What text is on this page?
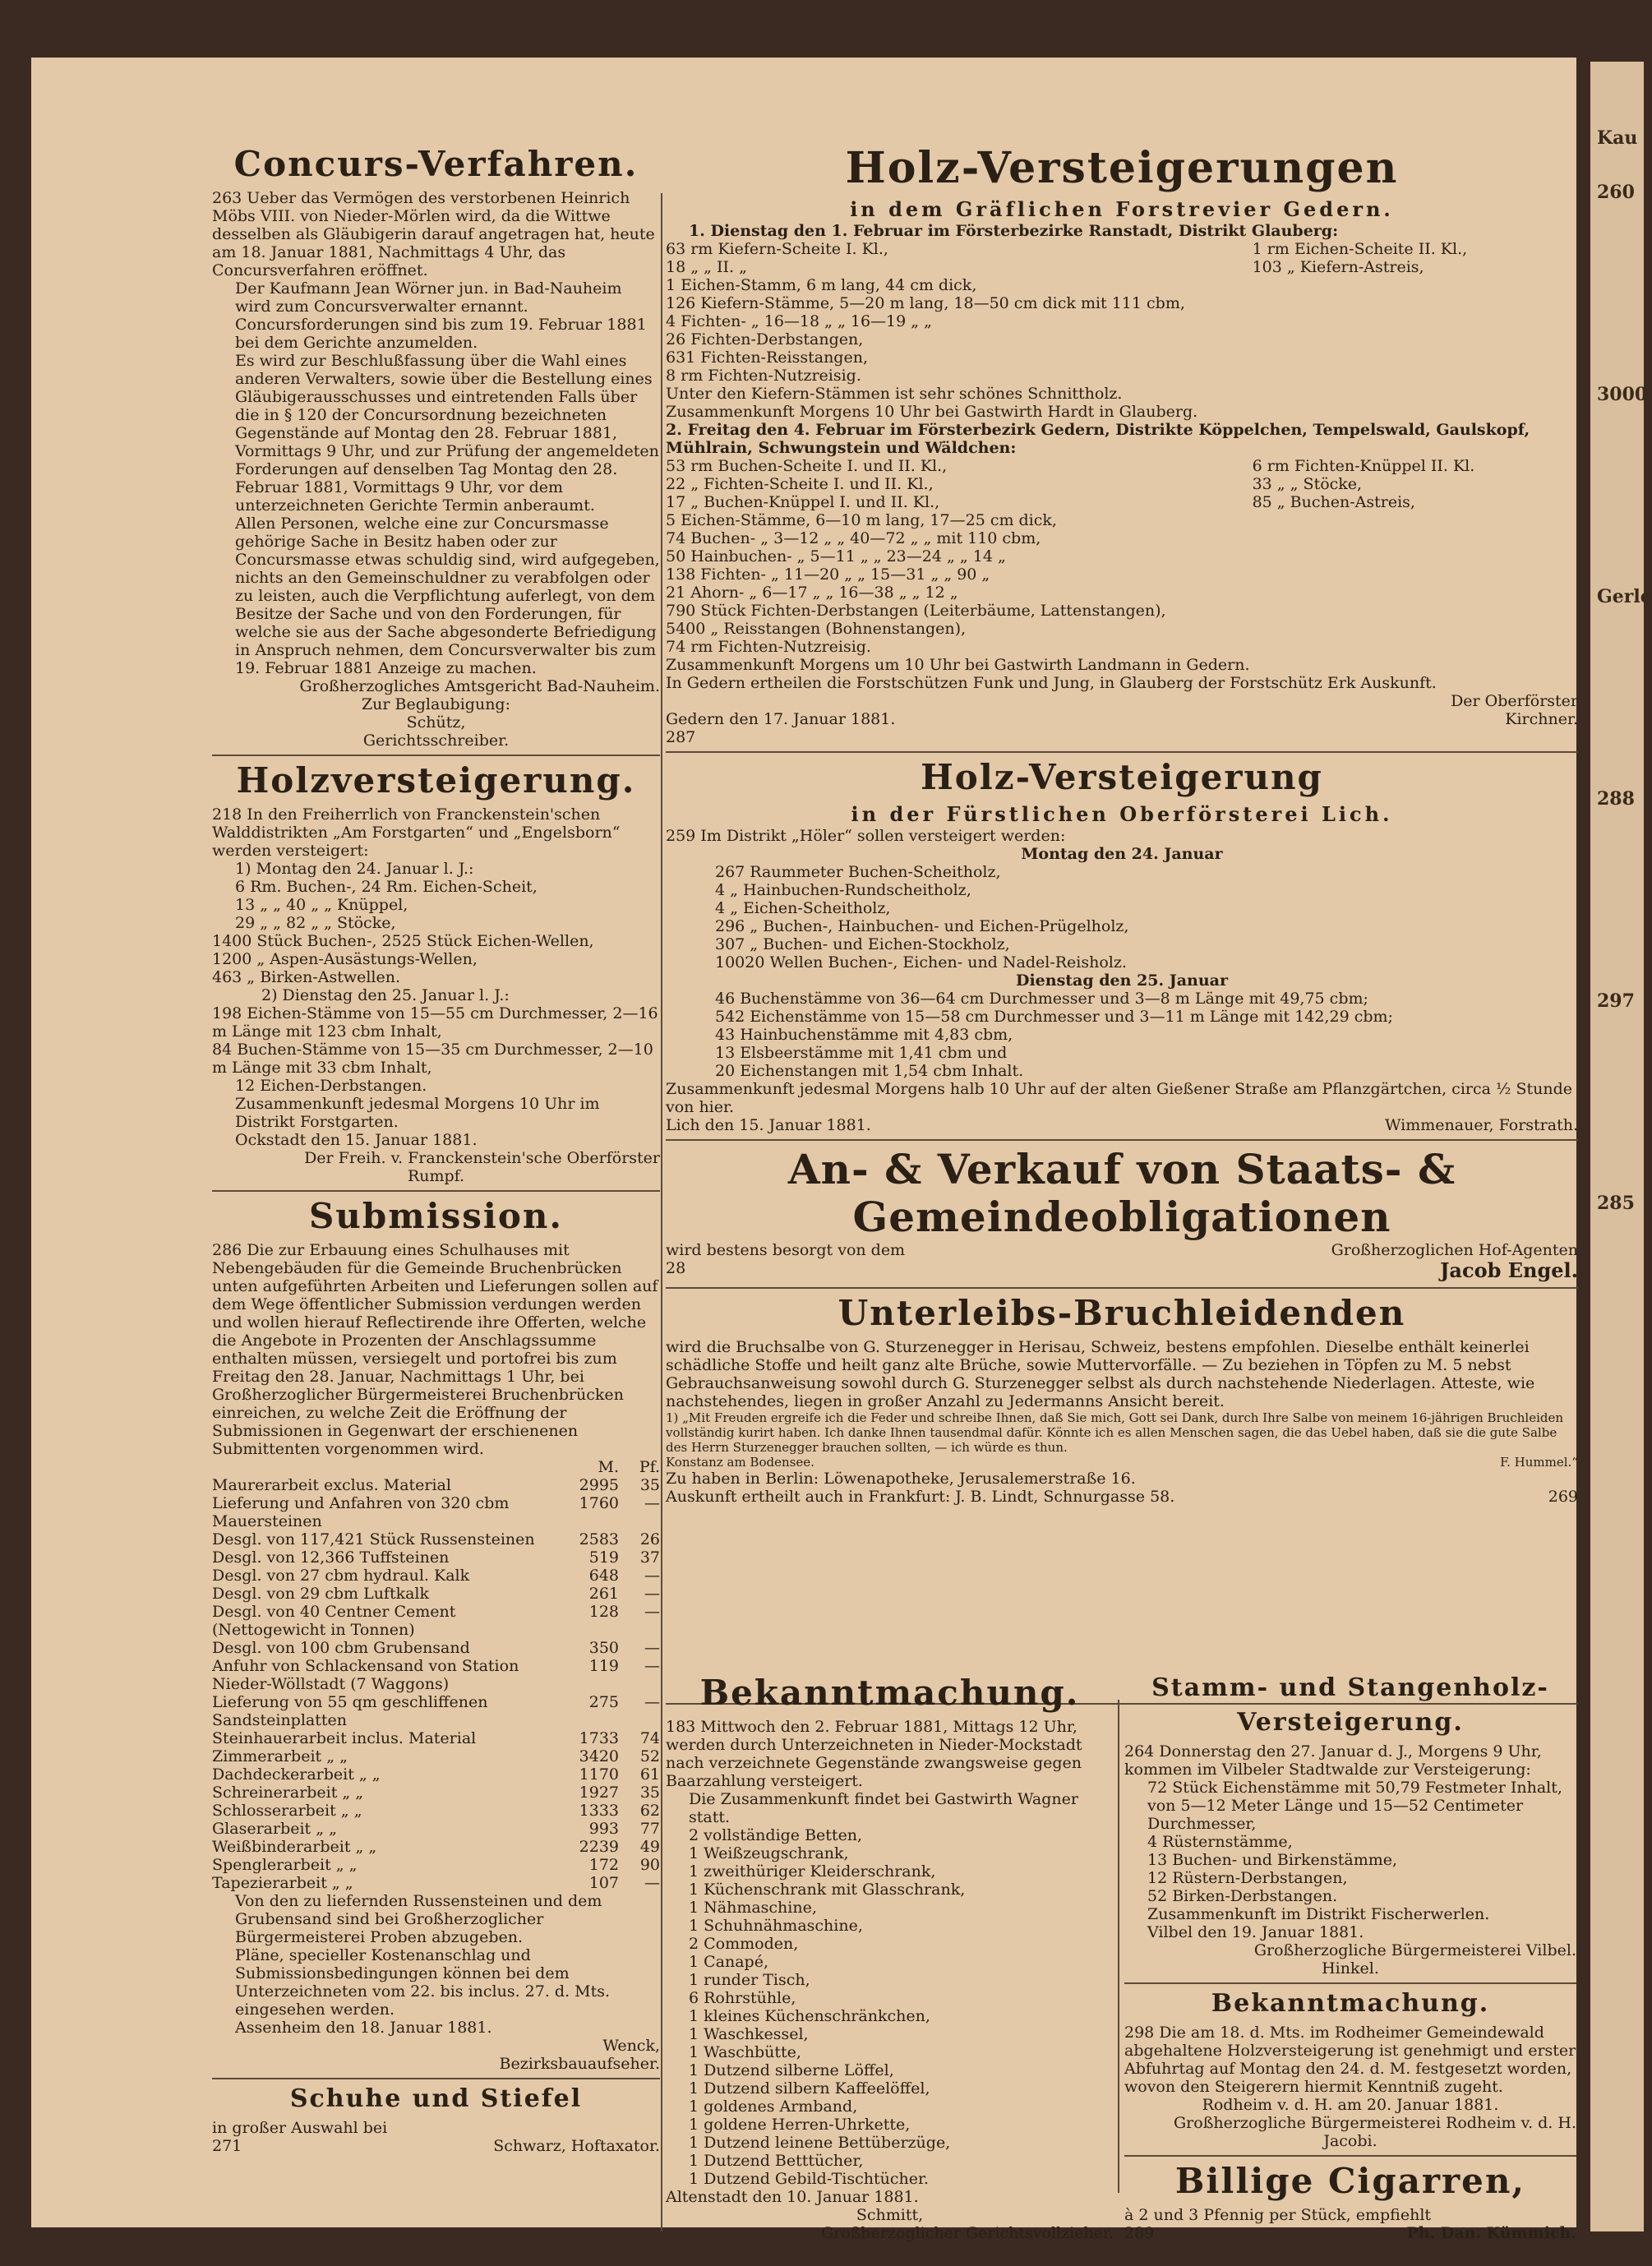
Concurs-Verfahren.

263 Ueber das Vermögen des verstorbenen Heinrich Möbs VIII. von Nieder-Mörlen wird, da die Wittwe desselben als Gläubigerin darauf angetragen hat, heute am 18. Januar 1881, Nachmittags 4 Uhr, das Concursverfahren eröffnet.

Der Kaufmann Jean Wörner jun. in Bad-Nauheim wird zum Concursverwalter ernannt.

Concursforderungen sind bis zum 19. Februar 1881 bei dem Gerichte anzumelden.

Es wird zur Beschlußfassung über die Wahl eines anderen Verwalters, sowie über die Bestellung eines Gläubigerausschusses und eintretenden Falls über die in § 120 der Concursordnung bezeichneten Gegenstände auf Montag den 28. Februar 1881, Vormittags 9 Uhr, und zur Prüfung der angemeldeten Forderungen auf denselben Tag Montag den 28. Februar 1881, Vormittags 9 Uhr, vor dem unterzeichneten Gerichte Termin anberaumt.

Allen Personen, welche eine zur Concursmasse gehörige Sache in Besitz haben oder zur Concursmasse etwas schuldig sind, wird aufgegeben, nichts an den Gemeinschuldner zu verabfolgen oder zu leisten, auch die Verpflichtung auferlegt, von dem Besitze der Sache und von den Forderungen, für welche sie aus der Sache abgesonderte Befriedigung in Anspruch nehmen, dem Concursverwalter bis zum 19. Februar 1881 Anzeige zu machen.

Großherzogliches Amtsgericht Bad-Nauheim.

Zur Beglaubigung:

Schütz,

Gerichtsschreiber.

Holzversteigerung.

218 In den Freiherrlich von Franckenstein'schen Walddistrikten „Am Forstgarten“ und „Engelsborn“ werden versteigert:

1) Montag den 24. Januar l. J.:

6 Rm. Buchen-, 24 Rm. Eichen-Scheit,

13 „ „ 40 „ „ Knüppel,

29 „ „ 82 „ „ Stöcke,

1400 Stück Buchen-, 2525 Stück Eichen-Wellen,

1200 „ Aspen-Ausästungs-Wellen,

463 „ Birken-Astwellen.

2) Dienstag den 25. Januar l. J.:

198 Eichen-Stämme von 15—55 cm Durchmesser, 2—16 m Länge mit 123 cbm Inhalt,

84 Buchen-Stämme von 15—35 cm Durchmesser, 2—10 m Länge mit 33 cbm Inhalt,

12 Eichen-Derbstangen.

Zusammenkunft jedesmal Morgens 10 Uhr im Distrikt Forstgarten.

Ockstadt den 15. Januar 1881.

Der Freih. v. Franckenstein'sche Oberförster

Rumpf.

Submission.

286 Die zur Erbauung eines Schulhauses mit Nebengebäuden für die Gemeinde Bruchenbrücken unten aufgeführten Arbeiten und Lieferungen sollen auf dem Wege öffentlicher Submission verdungen werden und wollen hierauf Reflectirende ihre Offerten, welche die Angebote in Prozenten der Anschlagssumme enthalten müssen, versiegelt und portofrei bis zum Freitag den 28. Januar, Nachmittags 1 Uhr, bei Großherzoglicher Bürgermeisterei Bruchenbrücken einreichen, zu welche Zeit die Eröffnung der Submissionen in Gegenwart der erschienenen Submittenten vorgenommen wird.

M.	Pf.
Maurerarbeit exclus. Material	2995	35
Lieferung und Anfahren von 320 cbm Mauersteinen
1760	—
Desgl. von 117,421 Stück Russensteinen	2583	26
Desgl. von 12,366 Tuffsteinen	519	37
Desgl. von 27 cbm hydraul. Kalk	648	—
Desgl. von 29 cbm Luftkalk	261	—
Desgl. von 40 Centner Cement (Nettogewicht in Tonnen)
128	—
Desgl. von 100 cbm Grubensand	350	—
Anfuhr von Schlackensand von Station Nieder-Wöllstadt (7 Waggons)
119	—
Lieferung von 55 qm geschliffenen Sandsteinplatten
275	—
Steinhauerarbeit inclus. Material	1733	74
Zimmerarbeit „ „	3420	52
Dachdeckerarbeit „ „	1170	61
Schreinerarbeit „ „	1927	35
Schlosserarbeit „ „	1333	62
Glaserarbeit „ „	993	77
Weißbinderarbeit „ „	2239	49
Spenglerarbeit „ „	172	90
Tapezierarbeit „ „	107	—

Von den zu liefernden Russensteinen und dem Grubensand sind bei Großherzoglicher Bürgermeisterei Proben abzugeben.

Pläne, specieller Kostenanschlag und Submissionsbedingungen können bei dem Unterzeichneten vom 22. bis inclus. 27. d. Mts. eingesehen werden.

Assenheim den 18. Januar 1881.

Wenck,

Bezirksbauaufseher.

Schuhe und Stiefel

in großer Auswahl bei

271	Schwarz, Hoftaxator.
Holz-Versteigerungen
in dem Gräflichen Forstrevier Gedern.

1. Dienstag den 1. Februar im Försterbezirke Ranstadt, Distrikt Glauberg:

63 rm Kiefern-Scheite I. Kl.,

18 „ „ II. „

1 Eichen-Stamm, 6 m lang, 44 cm dick,

126 Kiefern-Stämme, 5—20 m lang, 18—50 cm dick mit 111 cbm,

4 Fichten- „ 16—18 „ „ 16—19 „ „

26 Fichten-Derbstangen,

631 Fichten-Reisstangen,

8 rm Fichten-Nutzreisig.

1 rm Eichen-Scheite II. Kl.,

103 „ Kiefern-Astreis,

Unter den Kiefern-Stämmen ist sehr schönes Schnittholz.

Zusammenkunft Morgens 10 Uhr bei Gastwirth Hardt in Glauberg.

2. Freitag den 4. Februar im Försterbezirk Gedern, Distrikte Köppelchen, Tempelswald, Gaulskopf, Mühlrain, Schwungstein und Wäldchen:

53 rm Buchen-Scheite I. und II. Kl.,

22 „ Fichten-Scheite I. und II. Kl.,

17 „ Buchen-Knüppel I. und II. Kl.,

5 Eichen-Stämme, 6—10 m lang, 17—25 cm dick,

74 Buchen- „ 3—12 „ „ 40—72 „ „ mit 110 cbm,

50 Hainbuchen- „ 5—11 „ „ 23—24 „ „ 14 „

138 Fichten- „ 11—20 „ „ 15—31 „ „ 90 „

21 Ahorn- „ 6—17 „ „ 16—38 „ „ 12 „

790 Stück Fichten-Derbstangen (Leiterbäume, Lattenstangen),

5400 „ Reisstangen (Bohnenstangen),

74 rm Fichten-Nutzreisig.

6 rm Fichten-Knüppel II. Kl.

33 „ „ Stöcke,

85 „ Buchen-Astreis,

Zusammenkunft Morgens um 10 Uhr bei Gastwirth Landmann in Gedern.

In Gedern ertheilen die Forstschützen Funk und Jung, in Glauberg der Forstschütz Erk Auskunft.

Der Oberförster

Gedern den 17. Januar 1881.	Kirchner.

287

Holz-Versteigerung
in der Fürstlichen Oberförsterei Lich.

259 Im Distrikt „Höler“ sollen versteigert werden:

Montag den 24. Januar

267 Raummeter Buchen-Scheitholz,

4 „ Hainbuchen-Rundscheitholz,

4 „ Eichen-Scheitholz,

296 „ Buchen-, Hainbuchen- und Eichen-Prügelholz,

307 „ Buchen- und Eichen-Stockholz,

10020 Wellen Buchen-, Eichen- und Nadel-Reisholz.

Dienstag den 25. Januar

46 Buchenstämme von 36—64 cm Durchmesser und 3—8 m Länge mit 49,75 cbm;

542 Eichenstämme von 15—58 cm Durchmesser und 3—11 m Länge mit 142,29 cbm;

43 Hainbuchenstämme mit 4,83 cbm,

13 Elsbeerstämme mit 1,41 cbm und

20 Eichenstangen mit 1,54 cbm Inhalt.

Zusammenkunft jedesmal Morgens halb 10 Uhr auf der alten Gießener Straße am Pflanzgärtchen, circa ½ Stunde von hier.

Lich den 15. Januar 1881.	Wimmenauer, Forstrath.
An- & Verkauf von Staats- & Gemeindeobligationen
wird bestens besorgt von dem	Großherzoglichen Hof-Agenten
28	Jacob Engel.
Unterleibs-Bruchleidenden

wird die Bruchsalbe von G. Sturzenegger in Herisau, Schweiz, bestens empfohlen. Dieselbe enthält keinerlei schädliche Stoffe und heilt ganz alte Brüche, sowie Muttervorfälle. — Zu beziehen in Töpfen zu M. 5 nebst Gebrauchsanweisung sowohl durch G. Sturzenegger selbst als durch nachstehende Niederlagen. Atteste, wie nachstehendes, liegen in großer Anzahl zu Jedermanns Ansicht bereit.

1) „Mit Freuden ergreife ich die Feder und schreibe Ihnen, daß Sie mich, Gott sei Dank, durch Ihre Salbe von meinem 16-jährigen Bruchleiden vollständig kurirt haben. Ich danke Ihnen tausendmal dafür. Könnte ich es allen Menschen sagen, die das Uebel haben, daß sie die gute Salbe des Herrn Sturzenegger brauchen sollten, — ich würde es thun.

Konstanz am Bodensee.	F. Hummel.“

Zu haben in Berlin: Löwenapotheke, Jerusalemerstraße 16.

Auskunft ertheilt auch in Frankfurt: J. B. Lindt, Schnurgasse 58.	269
Bekanntmachung.

183 Mittwoch den 2. Februar 1881, Mittags 12 Uhr, werden durch Unterzeichneten in Nieder-Mockstadt nach verzeichnete Gegenstände zwangsweise gegen Baarzahlung versteigert.

Die Zusammenkunft findet bei Gastwirth Wagner statt.

2 vollständige Betten,

1 Weißzeugschrank,

1 zweithüriger Kleiderschrank,

1 Küchenschrank mit Glasschrank,

1 Nähmaschine,

1 Schuhnähmaschine,

2 Commoden,

1 Canapé,

1 runder Tisch,

6 Rohrstühle,

1 kleines Küchenschränkchen,

1 Waschkessel,

1 Waschbütte,

1 Dutzend silberne Löffel,

1 Dutzend silbern Kaffeelöffel,

1 goldenes Armband,

1 goldene Herren-Uhrkette,

1 Dutzend leinene Bettüberzüge,

1 Dutzend Betttücher,

1 Dutzend Gebild-Tischtücher.

Altenstadt den 10. Januar 1881.

Schmitt,

Großherzoglicher Gerichtsvollzieher.

Stamm- und Stangenholz-
Versteigerung.

264 Donnerstag den 27. Januar d. J., Morgens 9 Uhr, kommen im Vilbeler Stadtwalde zur Versteigerung:

72 Stück Eichenstämme mit 50,79 Festmeter Inhalt, von 5—12 Meter Länge und 15—52 Centimeter Durchmesser,

4 Rüsternstämme,

13 Buchen- und Birkenstämme,

12 Rüstern-Derbstangen,

52 Birken-Derbstangen.

Zusammenkunft im Distrikt Fischerwerlen.

Vilbel den 19. Januar 1881.

Großherzogliche Bürgermeisterei Vilbel.

Hinkel.

Bekanntmachung.

298 Die am 18. d. Mts. im Rodheimer Gemeindewald abgehaltene Holzversteigerung ist genehmigt und erster Abfuhrtag auf Montag den 24. d. M. festgesetzt worden, wovon den Steigerern hiermit Kenntniß zugeht.

Rodheim v. d. H. am 20. Januar 1881.

Großherzogliche Bürgermeisterei Rodheim v. d. H.

Jacobi.

Billige Cigarren,

à 2 und 3 Pfennig per Stück, empfiehlt

289	Ph. Dan. Kümmich.
Kau
260
3000
Gerle
288
297
285
